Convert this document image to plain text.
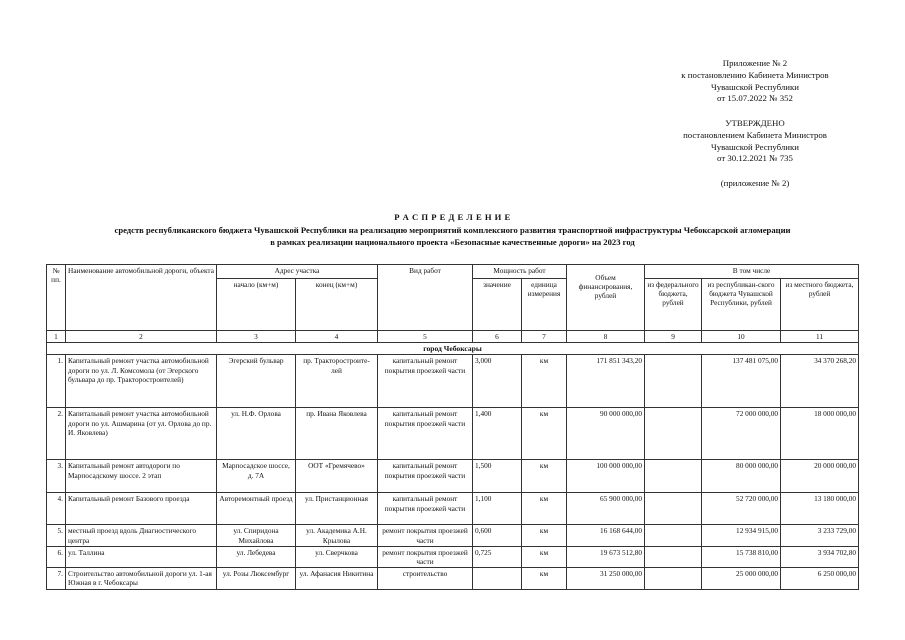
Приложение № 2
к постановлению Кабинета Министров
Чувашской Республики
от 15.07.2022 № 352
УТВЕРЖДЕНО
постановлением Кабинета Министров
Чувашской Республики
от 30.12.2021 № 735
(приложение № 2)
Р А С П Р Е Д Е Л Е Н И Е
средств республиканского бюджета Чувашской Республики на реализацию мероприятий комплексного развития транспортной инфраструктуры Чебоксарской агломерации
в рамках реализации национального проекта «Безопасные качественные дороги» на 2023 год
№ пп.	Наименование автомобильной дороги, объекта	Адрес участка		Вид работ	Мощность работ		Объем финансирования, рублей	В том числе		
		начало (км+м)	конец (км+м)		значение	единица измерения		из федерального бюджета, рублей	из республикан-ского бюджета Чувашской Республики, рублей	из местного бюджета, рублей
1	2	3	4	5	6	7	8	9	10	11
город Чебоксары										
1.	Капитальный ремонт участка автомобильной дороги по ул. Л. Комсомола (от Эгерского бульвара до пр. Тракторостроителей)	Эгерский бульвар	пр. Тракторострoите-лей	капитальный ремонт покрытия проезжей части	3,000	км	171 851 343,20		137 481 075,00	34 370 268,20
2.	Капитальный ремонт участка автомобильной дороги по ул. Ашмарина (от ул. Орлова до пр. И. Яковлева)	ул. Н.Ф. Орлова	пр. Ивана Яковлева	капитальный ремонт покрытия проезжей части	1,400	км	90 000 000,00		72 000 000,00	18 000 000,00
3.	Капитальный ремонт автодороги по Марпосадскому шоссе. 2 этап	Марпосадское шоссе, д. 7А	ООТ «Гремячево»	капитальный ремонт покрытия проезжей части	1,500	км	100 000 000,00		80 000 000,00	20 000 000,00
4.	Капитальный ремонт Базового проезда	Авторемонтный проезд	ул. Пристанционная	капитальный ремонт покрытия проезжей части	1,100	км	65 900 000,00		52 720 000,00	13 180 000,00
5.	местный проезд вдоль Диагностического центра	ул. Спиридона Михайлова	ул. Академика А.Н. Крылова	ремонт покрытия проезжей части	0,600	км	16 168 644,00		12 934 915,00	3 233 729,00
6.	ул. Таллина	ул. Лебедева	ул. Сверчкова	ремонт покрытия проезжей части	0,725	км	19 673 512,80		15 738 810,00	3 934 702,80
7.	Строительство автомобильной дороги ул. 1-ая Южная в г. Чебоксары	ул. Розы Люксембург	ул. Афанасия Никитина	строительство		км	31 250 000,00		25 000 000,00	6 250 000,00
